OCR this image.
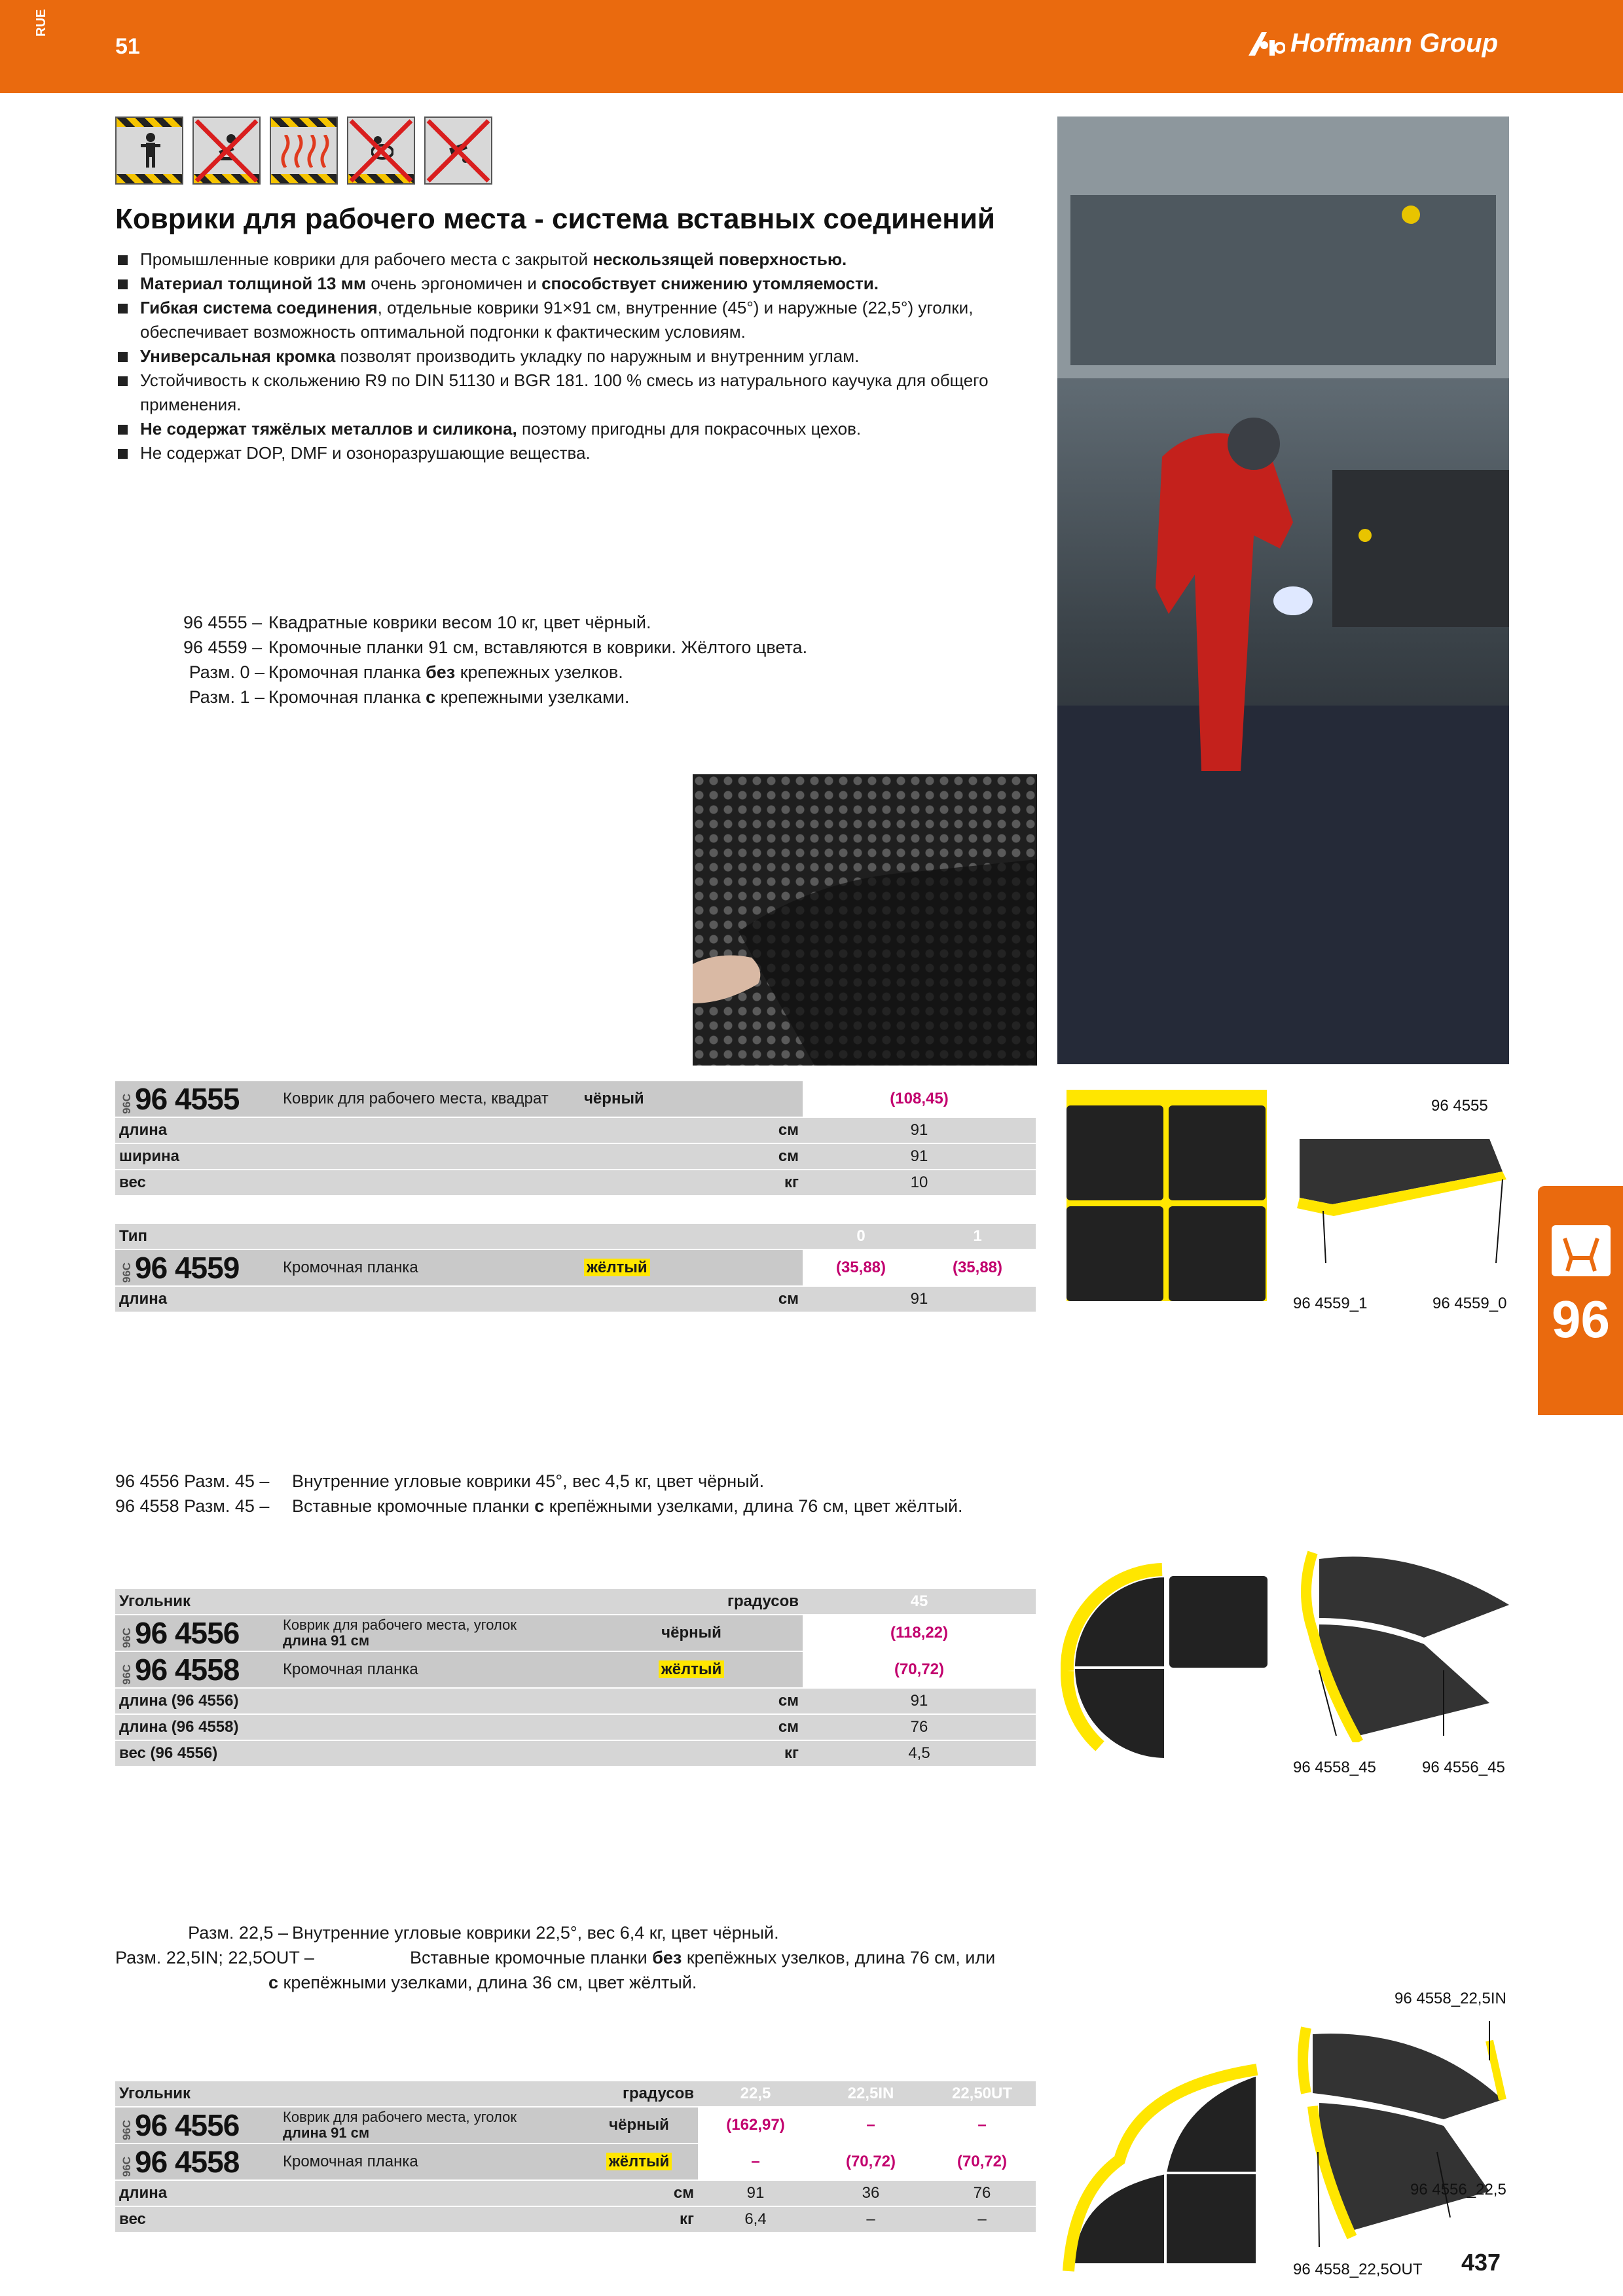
RUE
51	Hoffmann Group
Коврики для рабочего места - система вставных соединений
Промышленные коврики для рабочего места с закрытой нескользящей поверхностью.
Материал толщиной 13 мм очень эргономичен и способствует снижению утомляемости.
Гибкая система соединения, отдельные коврики 91×91 см, внутренние (45°) и наружные (22,5°) уголки, обеспечивает возможность оптимальной подгонки к фактическим условиям.
Универсальная кромка позволят производить укладку по наружным и внутренним углам.
Устойчивость к скольжению R9 по DIN 51130 и BGR 181. 100 % смесь из натурального каучука для общего применения.
Не содержат тяжёлых металлов и силикона, поэтому пригодны для покрасочных цехов.
Не содержат DOP, DMF и озоноразрушающие вещества.
96 4555 – Квадратные коврики весом 10 кг, цвет чёрный.
96 4559 – Кромочные планки 91 см, вставляются в коврики. Жёлтого цвета.
Разм. 0 – Кромочная планка без крепежных узелков.
Разм. 1 – Кромочная планка с крепежными узелками.
96C96 4555	Коврик для рабочего места, квадрат	чёрный	(108,45)
длина		см	91
ширина		см	91
вес		кг	10
Тип			0	1
96C96 4559	Кромочная планка	жёлтый	(35,88)	(35,88)
длина		см	91	
96 4555
96 4559_1	96 4559_0 96
96 4556 Разм. 45 – Внутренние угловые коврики 45°, вес 4,5 кг, цвет чёрный.
96 4558 Разм. 45 – Вставные кромочные планки с крепёжными узелками, длина 76 см, цвет жёлтый.
Угольник		градусов	45
96C96 4556	Коврик для рабочего места, уголок
длина 91 см	чёрный	(118,22)
96C96 4558	Кромочная планка	жёлтый	(70,72)
длина (96 4556)		см	91
длина (96 4558)		см	76
вес (96 4556)		кг	4,5
96 4558_45	96 4556_45
Разм. 22,5 – Внутренние угловые коврики 22,5°, вес 6,4 кг, цвет чёрный.
Разм. 22,5IN; 22,5OUT –	Вставные кромочные планки без крепёжных узелков, длина 76 см, или
с крепёжными узелками, длина 36 см, цвет жёлтый.
Угольник		градусов	22,5	22,5IN	22,50UT
96C96 4556	Коврик для рабочего места, уголок
длина 91 см	чёрный	(162,97)	–	–
96C96 4558	Кромочная планка	жёлтый	–	(70,72)	(70,72)
длина		см	91	36	76
вес		кг	6,4	–	–
96 4558_22,5IN
96 4556_22,5
96 4558_22,5OUT 437
